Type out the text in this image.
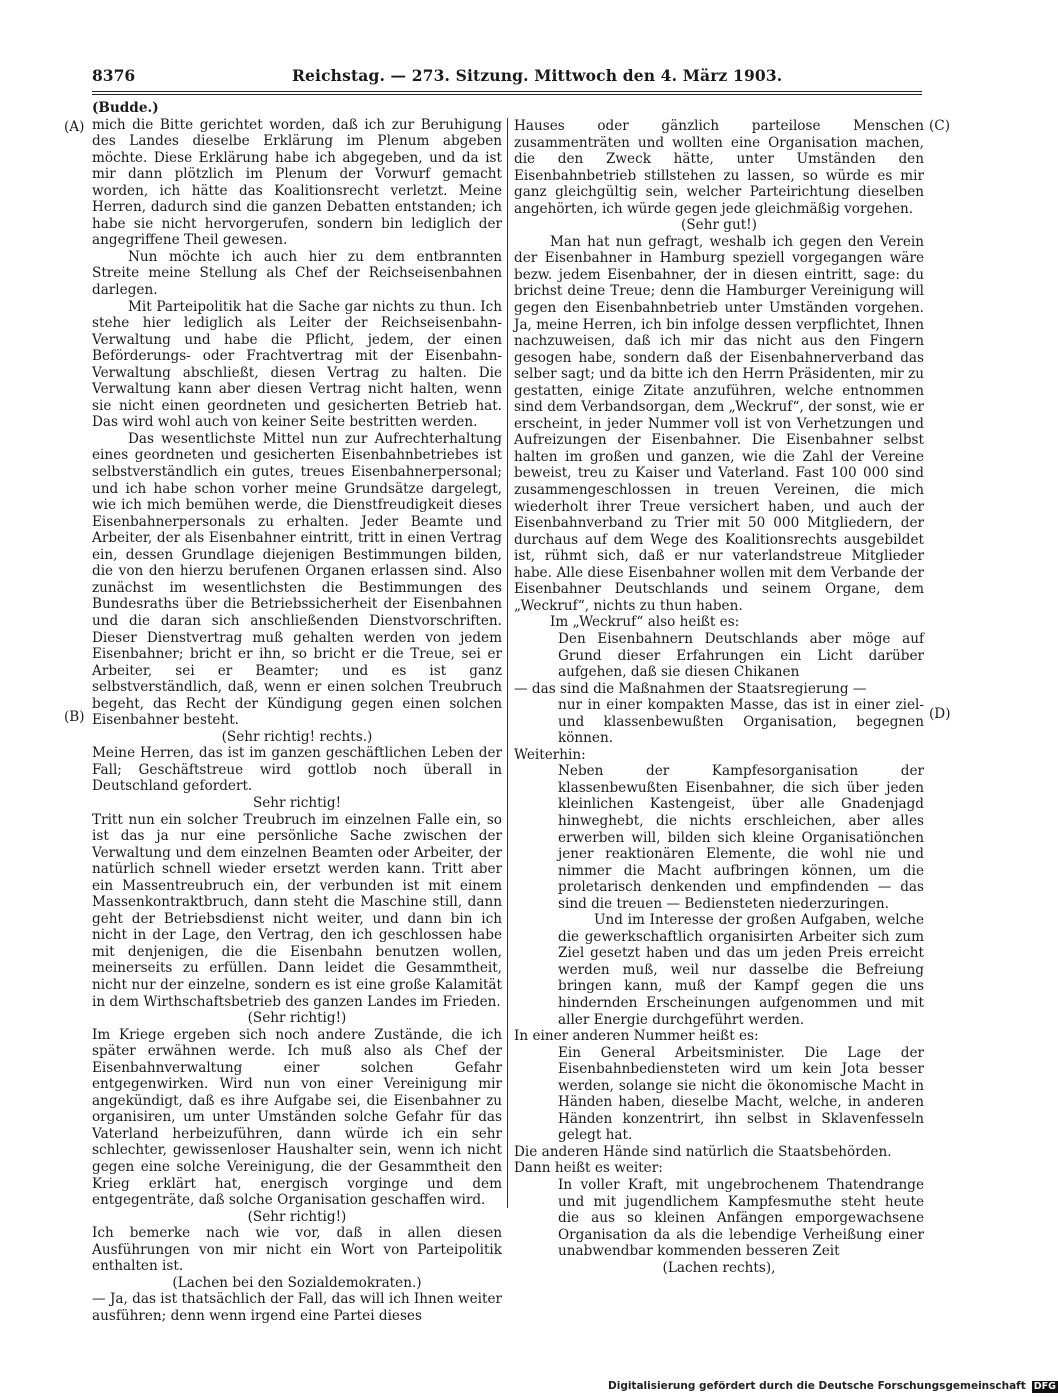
8376	Reichstag. — 273. Sitzung. Mittwoch den 4. März 1903.
(A)
(B)
(C)
(D)

(Budde.)

mich die Bitte gerichtet worden, daß ich zur Beruhigung des Landes dieselbe Erklärung im Plenum abgeben möchte. Diese Erklärung habe ich abgegeben, und da ist mir dann plötzlich im Plenum der Vorwurf gemacht worden, ich hätte das Koalitionsrecht verletzt. Meine Herren, dadurch sind die ganzen Debatten entstanden; ich habe sie nicht hervorgerufen, sondern bin lediglich der angegriffene Theil gewesen.

Nun möchte ich auch hier zu dem entbrannten Streite meine Stellung als Chef der Reichseisenbahnen darlegen.

Mit Parteipolitik hat die Sache gar nichts zu thun. Ich stehe hier lediglich als Leiter der Reichseisenbahn-Verwaltung und habe die Pflicht, jedem, der einen Beförderungs- oder Frachtvertrag mit der Eisenbahn-Verwaltung abschließt, diesen Vertrag zu halten. Die Verwaltung kann aber diesen Vertrag nicht halten, wenn sie nicht einen geordneten und gesicherten Betrieb hat. Das wird wohl auch von keiner Seite bestritten werden.

Das wesentlichste Mittel nun zur Aufrechterhaltung eines geordneten und gesicherten Eisenbahnbetriebes ist selbstverständlich ein gutes, treues Eisenbahnerpersonal; und ich habe schon vorher meine Grundsätze dargelegt, wie ich mich bemühen werde, die Dienstfreudigkeit dieses Eisenbahnerpersonals zu erhalten. Jeder Beamte und Arbeiter, der als Eisenbahner eintritt, tritt in einen Vertrag ein, dessen Grundlage diejenigen Bestimmungen bilden, die von den hierzu berufenen Organen erlassen sind. Also zunächst im wesentlichsten die Bestimmungen des Bundesraths über die Betriebssicherheit der Eisenbahnen und die daran sich anschließenden Dienstvorschriften. Dieser Dienstvertrag muß gehalten werden von jedem Eisenbahner; bricht er ihn, so bricht er die Treue, sei er Arbeiter, sei er Beamter; und es ist ganz selbstverständlich, daß, wenn er einen solchen Treubruch begeht, das Recht der Kündigung gegen einen solchen Eisenbahner besteht.

(Sehr richtig! rechts.)

Meine Herren, das ist im ganzen geschäftlichen Leben der Fall; Geschäftstreue wird gottlob noch überall in Deutschland gefordert.

Sehr richtig!

Tritt nun ein solcher Treubruch im einzelnen Falle ein, so ist das ja nur eine persönliche Sache zwischen der Verwaltung und dem einzelnen Beamten oder Arbeiter, der natürlich schnell wieder ersetzt werden kann. Tritt aber ein Massentreubruch ein, der verbunden ist mit einem Massenkontraktbruch, dann steht die Maschine still, dann geht der Betriebsdienst nicht weiter, und dann bin ich nicht in der Lage, den Vertrag, den ich geschlossen habe mit denjenigen, die die Eisenbahn benutzen wollen, meinerseits zu erfüllen. Dann leidet die Gesammtheit, nicht nur der einzelne, sondern es ist eine große Kalamität in dem Wirthschaftsbetrieb des ganzen Landes im Frieden.

(Sehr richtig!)

Im Kriege ergeben sich noch andere Zustände, die ich später erwähnen werde. Ich muß also als Chef der Eisenbahnverwaltung einer solchen Gefahr entgegenwirken. Wird nun von einer Vereinigung mir angekündigt, daß es ihre Aufgabe sei, die Eisenbahner zu organisiren, um unter Umständen solche Gefahr für das Vaterland herbeizuführen, dann würde ich ein sehr schlechter, gewissenloser Haushalter sein, wenn ich nicht gegen eine solche Vereinigung, die der Gesammtheit den Krieg erklärt hat, energisch vorginge und dem entgegenträte, daß solche Organisation geschaffen wird.

(Sehr richtig!)

Ich bemerke nach wie vor, daß in allen diesen Ausführungen von mir nicht ein Wort von Parteipolitik enthalten ist.

(Lachen bei den Sozialdemokraten.)

— Ja, das ist thatsächlich der Fall, das will ich Ihnen weiter ausführen; denn wenn irgend eine Partei dieses

Hauses oder gänzlich parteilose Menschen zusammenträten und wollten eine Organisation machen, die den Zweck hätte, unter Umständen den Eisenbahnbetrieb stillstehen zu lassen, so würde es mir ganz gleichgültig sein, welcher Parteirichtung dieselben angehörten, ich würde gegen jede gleichmäßig vorgehen.

(Sehr gut!)

Man hat nun gefragt, weshalb ich gegen den Verein der Eisenbahner in Hamburg speziell vorgegangen wäre bezw. jedem Eisenbahner, der in diesen eintritt, sage: du brichst deine Treue; denn die Hamburger Vereinigung will gegen den Eisenbahnbetrieb unter Umständen vorgehen. Ja, meine Herren, ich bin infolge dessen verpflichtet, Ihnen nachzuweisen, daß ich mir das nicht aus den Fingern gesogen habe, sondern daß der Eisenbahnerverband das selber sagt; und da bitte ich den Herrn Präsidenten, mir zu gestatten, einige Zitate anzuführen, welche entnommen sind dem Verbandsorgan, dem „Weckruf“, der sonst, wie er erscheint, in jeder Nummer voll ist von Verhetzungen und Aufreizungen der Eisenbahner. Die Eisenbahner selbst halten im großen und ganzen, wie die Zahl der Vereine beweist, treu zu Kaiser und Vaterland. Fast 100 000 sind zusammengeschlossen in treuen Vereinen, die mich wiederholt ihrer Treue versichert haben, und auch der Eisenbahnverband zu Trier mit 50 000 Mitgliedern, der durchaus auf dem Wege des Koalitionsrechts ausgebildet ist, rühmt sich, daß er nur vaterlandstreue Mitglieder habe. Alle diese Eisenbahner wollen mit dem Verbande der Eisenbahner Deutschlands und seinem Organe, dem „Weckruf“, nichts zu thun haben.

Im „Weckruf“ also heißt es:

Den Eisenbahnern Deutschlands aber möge auf Grund dieser Erfahrungen ein Licht darüber aufgehen, daß sie diesen Chikanen

— das sind die Maßnahmen der Staatsregierung —

nur in einer kompakten Masse, das ist in einer ziel- und klassenbewußten Organisation, begegnen können.

Weiterhin:

Neben der Kampfesorganisation der klassenbewußten Eisenbahner, die sich über jeden kleinlichen Kastengeist, über alle Gnadenjagd hinweghebt, die nichts erschleichen, aber alles erwerben will, bilden sich kleine Organisatiönchen jener reaktionären Elemente, die wohl nie und nimmer die Macht aufbringen können, um die proletarisch denkenden und empfindenden — das sind die treuen — Bediensteten niederzuringen.

Und im Interesse der großen Aufgaben, welche die gewerkschaftlich organisirten Arbeiter sich zum Ziel gesetzt haben und das um jeden Preis erreicht werden muß, weil nur dasselbe die Befreiung bringen kann, muß der Kampf gegen die uns hindernden Erscheinungen aufgenommen und mit aller Energie durchgeführt werden.

In einer anderen Nummer heißt es:

Ein General Arbeitsminister. Die Lage der Eisenbahnbediensteten wird um kein Jota besser werden, solange sie nicht die ökonomische Macht in Händen haben, dieselbe Macht, welche, in anderen Händen konzentrirt, ihn selbst in Sklavenfesseln gelegt hat.

Die anderen Hände sind natürlich die Staatsbehörden.

Dann heißt es weiter:

In voller Kraft, mit ungebrochenem Thatendrange und mit jugendlichem Kampfesmuthe steht heute die aus so kleinen Anfängen emporgewachsene Organisation da als die lebendige Verheißung einer unabwendbar kommenden besseren Zeit

(Lachen rechts),

Digitalisierung gefördert durch die Deutsche Forschungsgemeinschaft DFG
